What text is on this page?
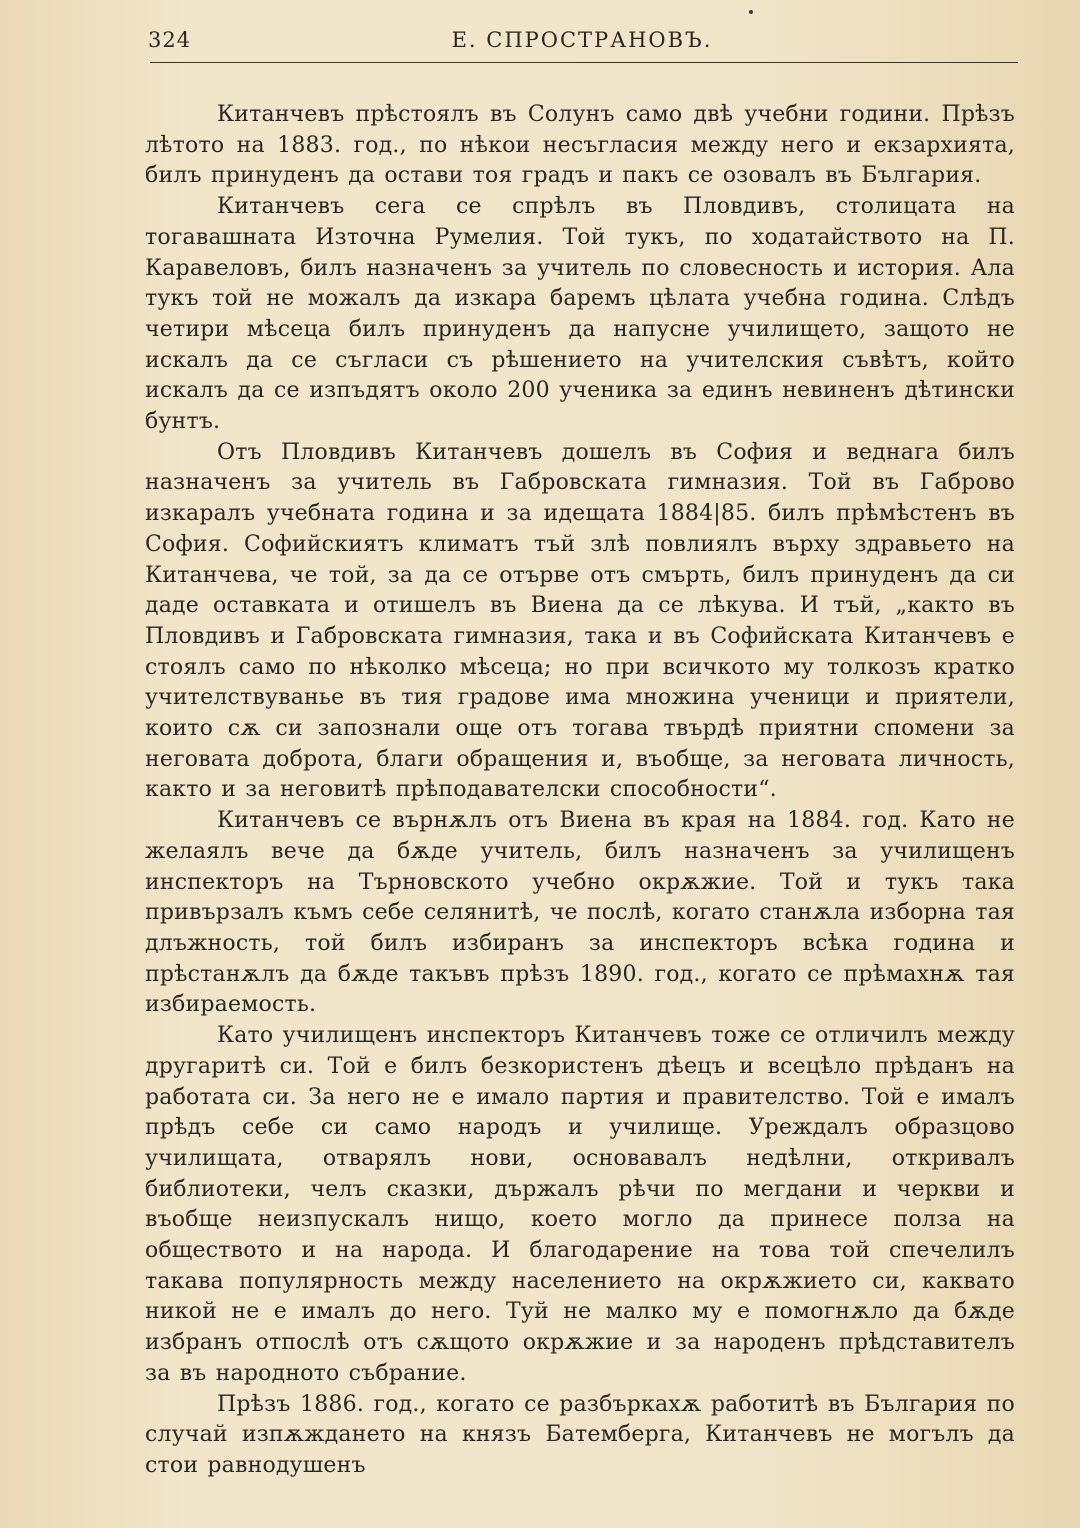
324	Е. СПРОСТРАНОВЪ.

Китанчевъ прѣстоялъ въ Солунъ само двѣ учебни години. Прѣзъ лѣтото на 1883. год., по нѣкои несъгласия между него и екзархията, билъ принуденъ да остави тоя градъ и пакъ се озовалъ въ България.

Китанчевъ сега се спрѣлъ въ Пловдивъ, столицата на тогавашната Източна Румелия. Той тукъ, по ходатайството на П. Каравеловъ, билъ назначенъ за учитель по словесность и история. Ала тукъ той не можалъ да изкара баремъ цѣлата учебна година. Слѣдъ четири мѣсеца билъ принуденъ да напусне училището, защото не искалъ да се съгласи съ рѣшението на учителския съвѣтъ, който искалъ да се изпъдятъ около 200 ученика за единъ невиненъ дѣтински бунтъ.

Отъ Пловдивъ Китанчевъ дошелъ въ София и веднага билъ назначенъ за учитель въ Габровската гимназия. Той въ Габрово изкаралъ учебната година и за идещата 1884|85. билъ прѣмѣстенъ въ София. Софийскиятъ климатъ тъй злѣ повлиялъ върху здравьето на Китанчева, че той, за да се отърве отъ смърть, билъ принуденъ да си даде оставката и отишелъ въ Виена да се лѣкува. И тъй, „както въ Пловдивъ и Габровската гимназия, така и въ Софийската Китанчевъ е стоялъ само по нѣколко мѣсеца; но при всичкото му толкозъ кратко учителствуванье въ тия градове има множина ученици и приятели, които сѫ си запознали още отъ тогава твърдѣ приятни спомени за неговата доброта, благи обращения и, въобще, за неговата личность, както и за неговитѣ прѣподавателски способности“.

Китанчевъ се върнѫлъ отъ Виена въ края на 1884. год. Като не желаялъ вече да бѫде учитель, билъ назначенъ за училищенъ инспекторъ на Търновското учебно окрѫжие. Той и тукъ така привързалъ къмъ себе селянитѣ, че послѣ, когато станѫла изборна тая длъжность, той билъ избиранъ за инспекторъ всѣка година и прѣстанѫлъ да бѫде такъвъ прѣзъ 1890. год., когато се прѣмахнѫ тая избираемость.

Като училищенъ инспекторъ Китанчевъ тоже се отличилъ между другаритѣ си. Той е билъ безкористенъ дѣецъ и всецѣло прѣданъ на работата си. За него не е имало партия и правителство. Той е ималъ прѣдъ себе си само народъ и училище. Уреждалъ образцово училищата, отварялъ нови, основавалъ недѣлни, откривалъ библиотеки, челъ сказки, държалъ рѣчи по мегдани и черкви и въобще неизпускалъ нищо, което могло да принесе полза на обществото и на народа. И благодарение на това той спечелилъ такава популярность между населението на окрѫжието си, каквато никой не е ималъ до него. Туй не малко му е помогнѫло да бѫде избранъ отпослѣ отъ сѫщото окрѫжие и за народенъ прѣдставителъ за въ народното събрание.

Прѣзъ 1886. год., когато се разбъркахѫ работитѣ въ България по случай изпѫждането на князъ Батемберга, Китанчевъ не могълъ да стои равнодушенъ
